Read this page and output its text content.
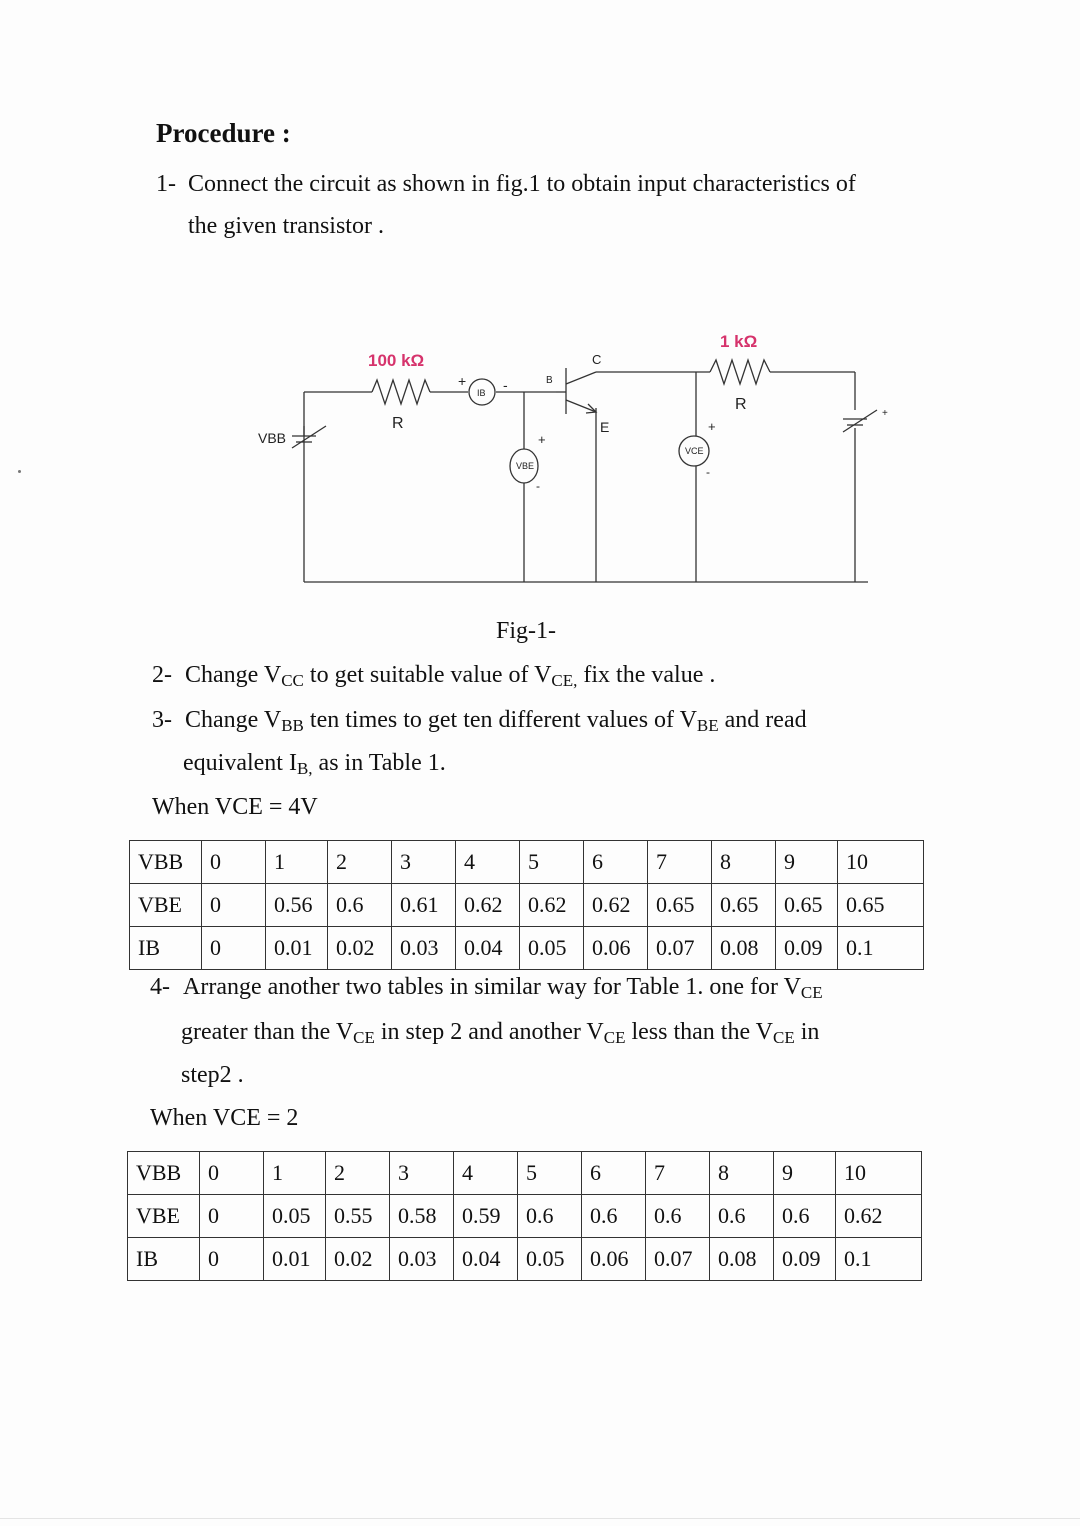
Procedure :
1- Connect the circuit as shown in fig.1 to obtain input characteristics of
the given transistor .
100 kΩ
R
1 kΩ
R
VBB
IB
+	-
VBE
+
-
VCE
+
-
B
C
E
+
Fig-1-
2- Change $V_{CC}$ to get suitable value of $V_{CE,}$ fix the value .
3- Change $V_{BB}$ ten times to get ten different values of $V_{BE}$ and read
equivalent $I_{B,}$ as in Table 1.
When VCE = 4V
VBB	0	1	2	3	4	5	6	7	8	9	10
VBE	0	0.56	0.6	0.61	0.62	0.62	0.62	0.65	0.65	0.65	0.65
IB	0	0.01	0.02	0.03	0.04	0.05	0.06	0.07	0.08	0.09	0.1
4- Arrange another two tables in similar way for Table 1. one for $V_{CE}$
greater than the $V_{CE}$ in step 2 and another $V_{CE}$ less than the $V_{CE}$ in
step2 .
When VCE = 2
VBB	0	1	2	3	4	5	6	7	8	9	10
VBE	0	0.05	0.55	0.58	0.59	0.6	0.6	0.6	0.6	0.6	0.62
IB	0	0.01	0.02	0.03	0.04	0.05	0.06	0.07	0.08	0.09	0.1
